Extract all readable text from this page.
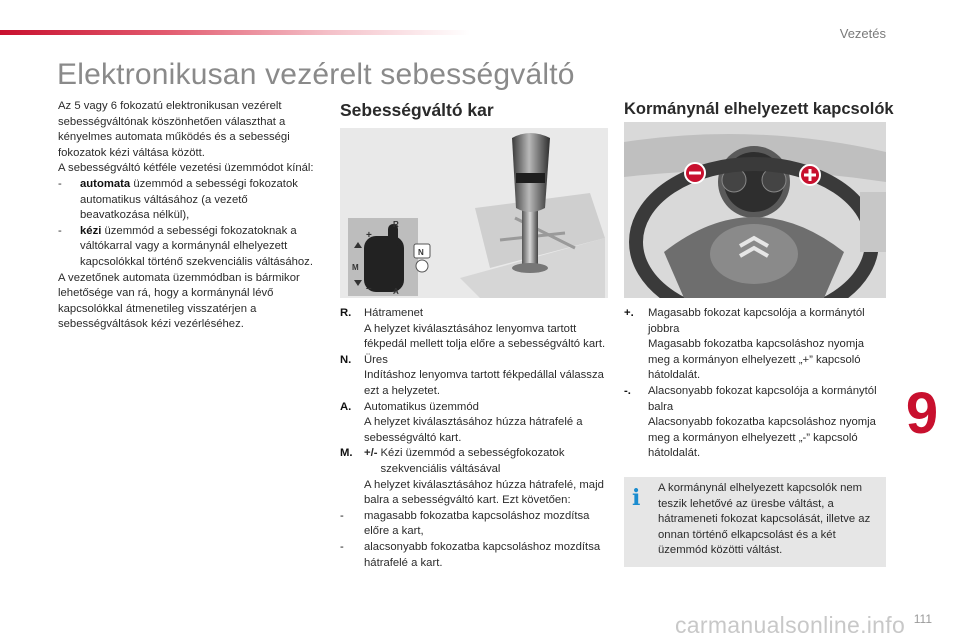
Vezetés
Elektronikusan vezérelt sebességváltó

Az 5 vagy 6 fokozatú elektronikusan vezérelt sebességváltónak köszönhetően választhat a kényelmes automata működés és a sebességi fokozatok kézi váltása között.

A sebességváltó kétféle vezetési üzemmódot kínál:

-	automata üzemmód a sebességi fokozatok automatikus váltásához (a vezető beavatkozása nélkül),
-	kézi üzemmód a sebességi fokozatoknak a váltókarral vagy a kormánynál elhelyezett kapcsolókkal történő szekvenciális váltásához.

A vezetőnek automata üzemmódban is bármikor lehetősége van rá, hogy a kormánynál lévő kapcsolókkal átmenetileg visszatérjen a sebességváltások kézi vezérléséhez.

Sebességváltó kar
R
A
N
M
+
–
R.	Hátramenet
A helyzet kiválasztásához lenyomva tartott fékpedál mellett tolja előre a sebességváltó kart.
N.	Üres
Indításhoz lenyomva tartott fékpedállal válassza ezt a helyzetet.
A.	Automatikus üzemmód
A helyzet kiválasztásához húzza hátrafelé a sebességváltó kart.
M.	+/- Kézi üzemmód a sebességfokozatok szekvenciális váltásával
A helyzet kiválasztásához húzza hátrafelé, majd balra a sebességváltó kart. Ezt követően:
-	magasabb fokozatba kapcsoláshoz mozdítsa előre a kart,
-	alacsonyabb fokozatba kapcsoláshoz mozdítsa hátrafelé a kart.
Kormánynál elhelyezett kapcsolók
+.	Magasabb fokozat kapcsolója a kormánytól jobbra
Magasabb fokozatba kapcsoláshoz nyomja meg a kormányon elhelyezett „+” kapcsoló hátoldalát.
-.	Alacsonyabb fokozat kapcsolója a kormánytól balra
Alacsonyabb fokozatba kapcsoláshoz nyomja meg a kormányon elhelyezett „-” kapcsoló hátoldalát.
i	A kormánynál elhelyezett kapcsolók nem teszik lehetővé az üresbe váltást, a hátrameneti fokozat kapcsolását, illetve az onnan történő elkapcsolást és a két üzemmód közötti váltást.
9
carmanualsonline.info 111
